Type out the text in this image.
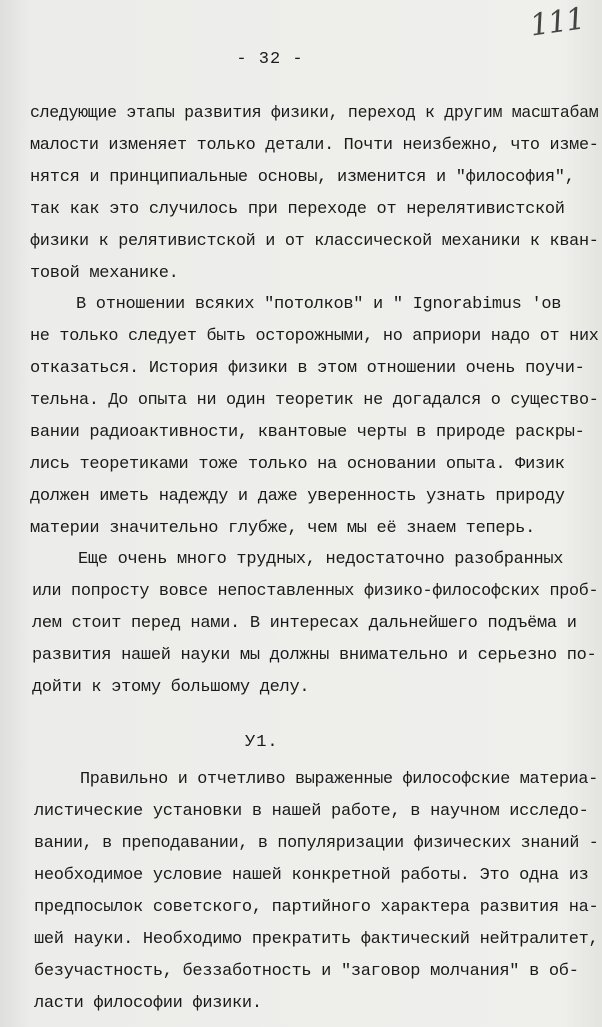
111
- 32 -
следующие этапы развития физики, переход к другим масштабам
малости изменяет только детали. Почти неизбежно, что изме-
нятся и принципиальные основы, изменится и "философия",
так как это случилось при переходе от нерелятивистской
физики к релятивистской и от классической механики к кван-
товой механике.
В отношении всяких "потолков" и " Ignorabimus 'ов
не только следует быть осторожными, но априори надо от них
отказаться. История физики в этом отношении очень поучи-
тельна. До опыта ни один теоретик не догадался о существо-
вании радиоактивности, квантовые черты в природе раскры-
лись теоретиками тоже только на основании опыта. Физик
должен иметь надежду и даже уверенность узнать природу
материи значительно глубже, чем мы её знаем теперь.
Еще очень много трудных, недостаточно разобранных
или попросту вовсе непоставленных физико-философских проб-
лем стоит перед нами. В интересах дальнейшего подъёма и
развития нашей науки мы должны внимательно и серьезно по-
дойти к этому большому делу.
У1.
Правильно и отчетливо выраженные философские материа-
листические установки в нашей работе, в научном исследо-
вании, в преподавании, в популяризации физических знаний -
необходимое условие нашей конкретной работы. Это одна из
предпосылок советского, партийного характера развития на-
шей науки. Необходимо прекратить фактический нейтралитет,
безучастность, беззаботность и "заговор молчания" в об-
ласти философии физики.
